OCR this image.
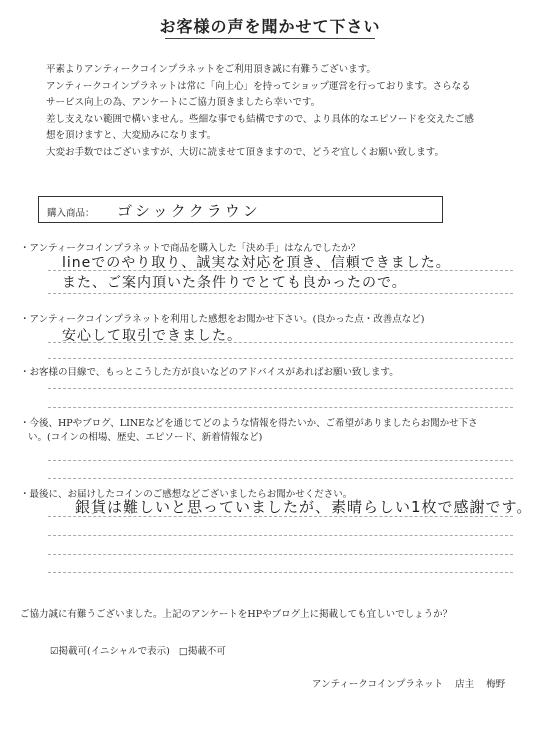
お客様の声を聞かせて下さい

平素よりアンティークコインプラネットをご利用頂き誠に有難うございます。

アンティークコインプラネットは常に「向上心」を持ってショップ運営を行っております。さらなる

サービス向上の為、アンケートにご協力頂きましたら幸いです。

差し支えない範囲で構いません。些細な事でも結構ですので、より具体的なエピソードを交えたご感

想を頂けますと、大変励みになります。

大変お手数ではございますが、大切に読ませて頂きますので、どうぞ宜しくお願い致します。

購入商品： ゴシッククラウン
・アンティークコインプラネットで商品を購入した「決め手」はなんでしたか？
lineでのやり取り、誠実な対応を頂き、信頼できました。
また、ご案内頂いた条件りでとても良かったので。
・アンティークコインプラネットを利用した感想をお聞かせ下さい。(良かった点・改善点など)
安心して取引できました。
・お客様の目線で、もっとこうした方が良いなどのアドバイスがあればお願い致します。
・今後、HPやブログ、LINEなどを通じてどのような情報を得たいか、ご希望がありましたらお聞かせ下さ
い。(コインの相場、歴史、エピソード、新着情報など)
・最後に、お届けしたコインのご感想などございましたらお聞かせください。
銀貨は難しいと思っていましたが、素晴らしい1枚で感謝です。
ご協力誠に有難うございました。上記のアンケートをHPやブログ上に掲載しても宜しいでしょうか？
☑掲載可(イニシャルで表示) □掲載不可
アンティークコインプラネット 店主 梅野
